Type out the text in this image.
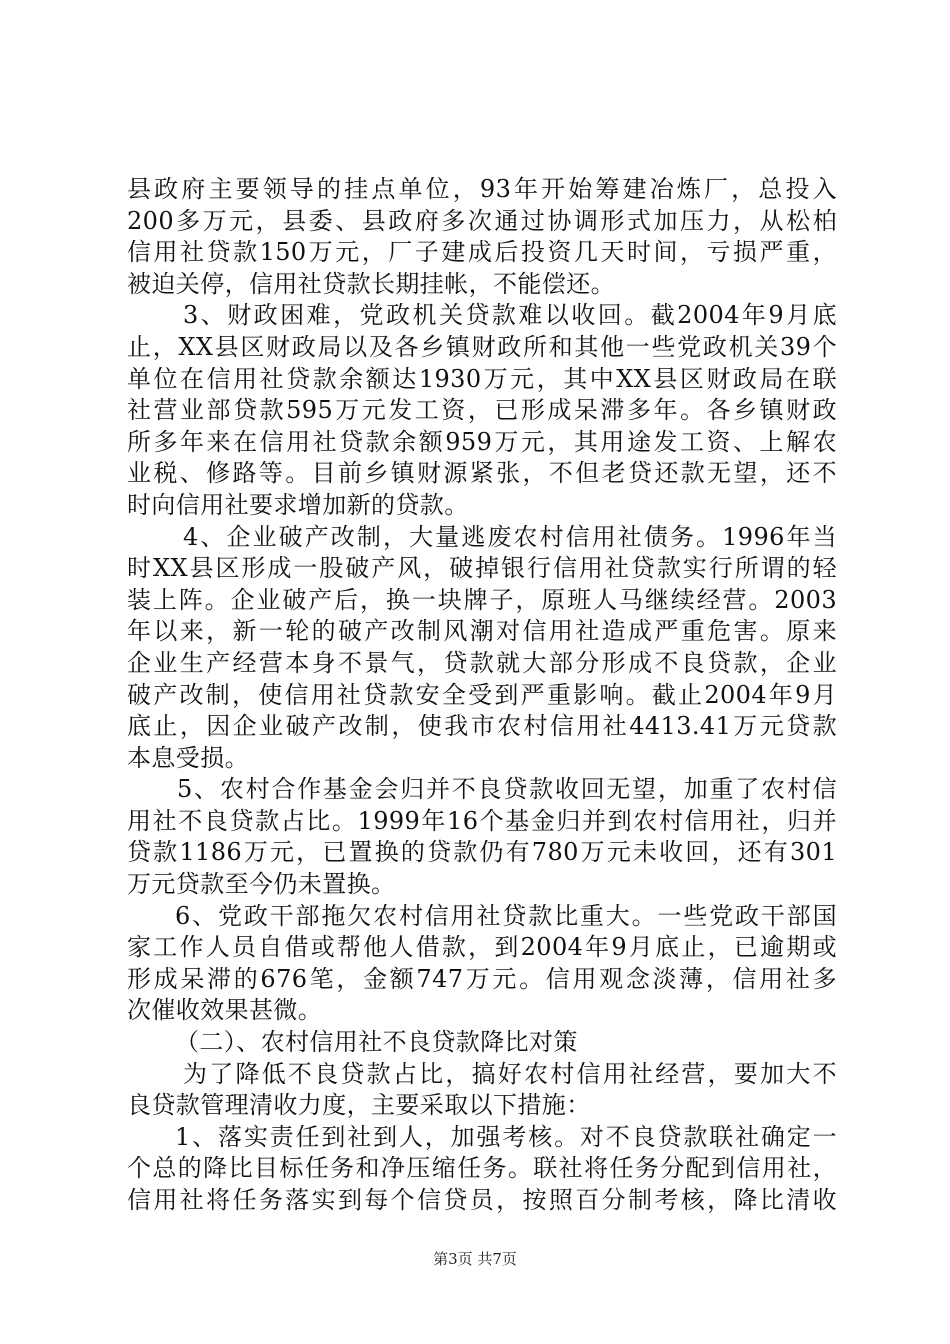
县政府主要领导的挂点单位，93年开始筹建冶炼厂，总投入
200多万元，县委、县政府多次通过协调形式加压力，从松柏
信用社贷款150万元，厂子建成后投资几天时间，亏损严重，
被迫关停，信用社贷款长期挂帐，不能偿还。
3、财政困难，党政机关贷款难以收回。截2004年9月底
止，XX县区财政局以及各乡镇财政所和其他一些党政机关39个
单位在信用社贷款余额达1930万元，其中XX县区财政局在联
社营业部贷款595万元发工资，已形成呆滞多年。各乡镇财政
所多年来在信用社贷款余额959万元，其用途发工资、上解农
业税、修路等。目前乡镇财源紧张，不但老贷还款无望，还不
时向信用社要求增加新的贷款。
4、企业破产改制，大量逃废农村信用社债务。1996年当
时XX县区形成一股破产风，破掉银行信用社贷款实行所谓的轻
装上阵。企业破产后，换一块牌子，原班人马继续经营。2003
年以来，新一轮的破产改制风潮对信用社造成严重危害。原来
企业生产经营本身不景气，贷款就大部分形成不良贷款，企业
破产改制，使信用社贷款安全受到严重影响。截止2004年9月
底止，因企业破产改制，使我市农村信用社4413.41万元贷款
本息受损。
5、农村合作基金会归并不良贷款收回无望，加重了农村信
用社不良贷款占比。1999年16个基金归并到农村信用社，归并
贷款1186万元，已置换的贷款仍有780万元未收回，还有301
万元贷款至今仍未置换。
6、党政干部拖欠农村信用社贷款比重大。一些党政干部国
家工作人员自借或帮他人借款，到2004年9月底止，已逾期或
形成呆滞的676笔，金额747万元。信用观念淡薄，信用社多
次催收效果甚微。
（二）、农村信用社不良贷款降比对策
为了降低不良贷款占比，搞好农村信用社经营，要加大不
良贷款管理清收力度，主要采取以下措施：
1、落实责任到社到人，加强考核。对不良贷款联社确定一
个总的降比目标任务和净压缩任务。联社将任务分配到信用社，
信用社将任务落实到每个信贷员，按照百分制考核，降比清收
第3页 共7页
